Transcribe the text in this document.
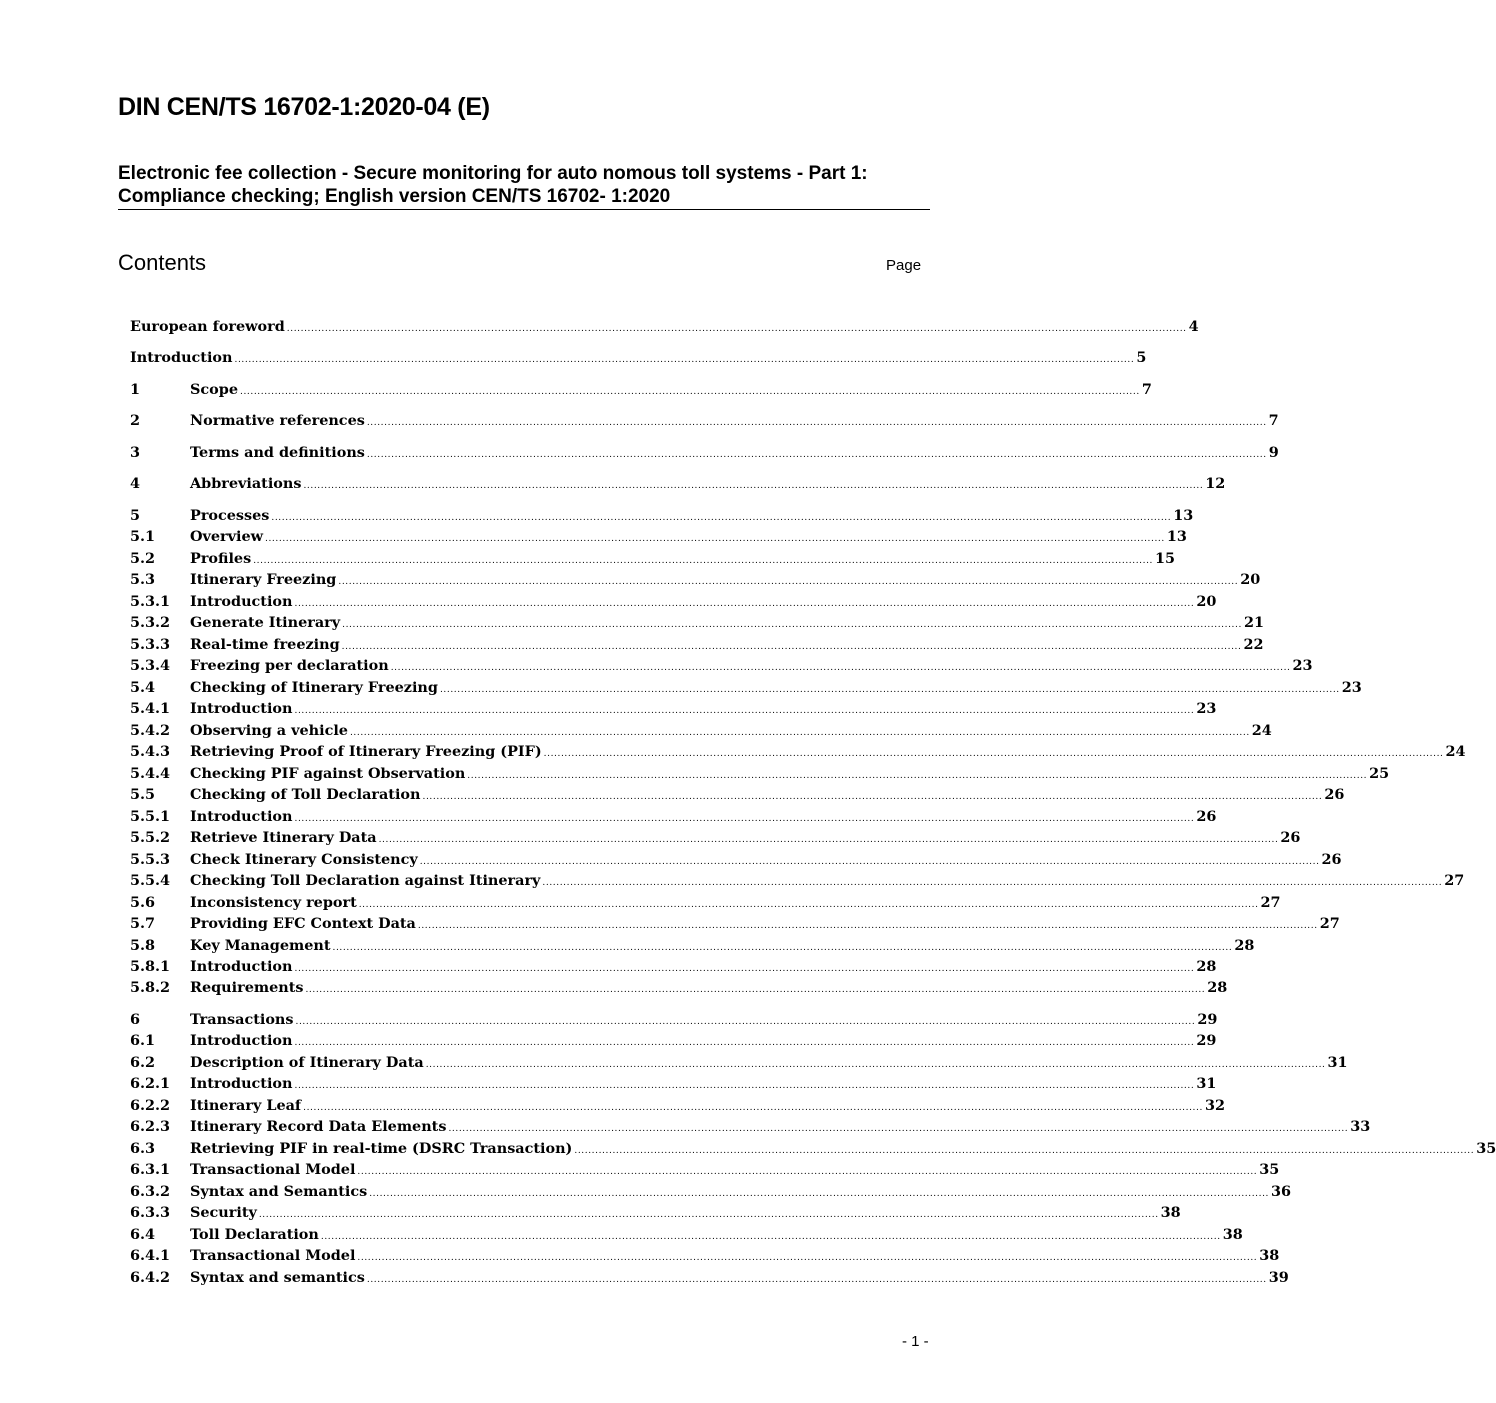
DIN CEN/TS 16702-1:2020-04 (E)
Electronic fee collection - Secure monitoring for auto nomous toll systems - Part 1:
Compliance checking; English version CEN/TS 16702- 1:2020
Contents	Page
European foreword .................................................................................................................................................................................................................................................................... 4
Introduction .................................................................................................................................................................................................................................................................... 5
1	Scope .................................................................................................................................................................................................................................................................... 7
2	Normative references .................................................................................................................................................................................................................................................................... 7
3	Terms and definitions .................................................................................................................................................................................................................................................................... 9
4	Abbreviations .................................................................................................................................................................................................................................................................... 12
5	Processes .................................................................................................................................................................................................................................................................... 13
5.1	Overview .................................................................................................................................................................................................................................................................... 13
5.2	Profiles .................................................................................................................................................................................................................................................................... 15
5.3	Itinerary Freezing .................................................................................................................................................................................................................................................................... 20
5.3.1	Introduction .................................................................................................................................................................................................................................................................... 20
5.3.2	Generate Itinerary .................................................................................................................................................................................................................................................................... 21
5.3.3	Real-time freezing .................................................................................................................................................................................................................................................................... 22
5.3.4	Freezing per declaration .................................................................................................................................................................................................................................................................... 23
5.4	Checking of Itinerary Freezing .................................................................................................................................................................................................................................................................... 23
5.4.1	Introduction .................................................................................................................................................................................................................................................................... 23
5.4.2	Observing a vehicle .................................................................................................................................................................................................................................................................... 24
5.4.3	Retrieving Proof of Itinerary Freezing (PIF) .................................................................................................................................................................................................................................................................... 24
5.4.4	Checking PIF against Observation .................................................................................................................................................................................................................................................................... 25
5.5	Checking of Toll Declaration .................................................................................................................................................................................................................................................................... 26
5.5.1	Introduction .................................................................................................................................................................................................................................................................... 26
5.5.2	Retrieve Itinerary Data .................................................................................................................................................................................................................................................................... 26
5.5.3	Check Itinerary Consistency .................................................................................................................................................................................................................................................................... 26
5.5.4	Checking Toll Declaration against Itinerary .................................................................................................................................................................................................................................................................... 27
5.6	Inconsistency report .................................................................................................................................................................................................................................................................... 27
5.7	Providing EFC Context Data .................................................................................................................................................................................................................................................................... 27
5.8	Key Management .................................................................................................................................................................................................................................................................... 28
5.8.1	Introduction .................................................................................................................................................................................................................................................................... 28
5.8.2	Requirements .................................................................................................................................................................................................................................................................... 28
6	Transactions .................................................................................................................................................................................................................................................................... 29
6.1	Introduction .................................................................................................................................................................................................................................................................... 29
6.2	Description of Itinerary Data .................................................................................................................................................................................................................................................................... 31
6.2.1	Introduction .................................................................................................................................................................................................................................................................... 31
6.2.2	Itinerary Leaf .................................................................................................................................................................................................................................................................... 32
6.2.3	Itinerary Record Data Elements .................................................................................................................................................................................................................................................................... 33
6.3	Retrieving PIF in real-time (DSRC Transaction) .................................................................................................................................................................................................................................................................... 35
6.3.1	Transactional Model .................................................................................................................................................................................................................................................................... 35
6.3.2	Syntax and Semantics .................................................................................................................................................................................................................................................................... 36
6.3.3	Security .................................................................................................................................................................................................................................................................... 38
6.4	Toll Declaration .................................................................................................................................................................................................................................................................... 38
6.4.1	Transactional Model .................................................................................................................................................................................................................................................................... 38
6.4.2	Syntax and semantics .................................................................................................................................................................................................................................................................... 39
- 1 -
